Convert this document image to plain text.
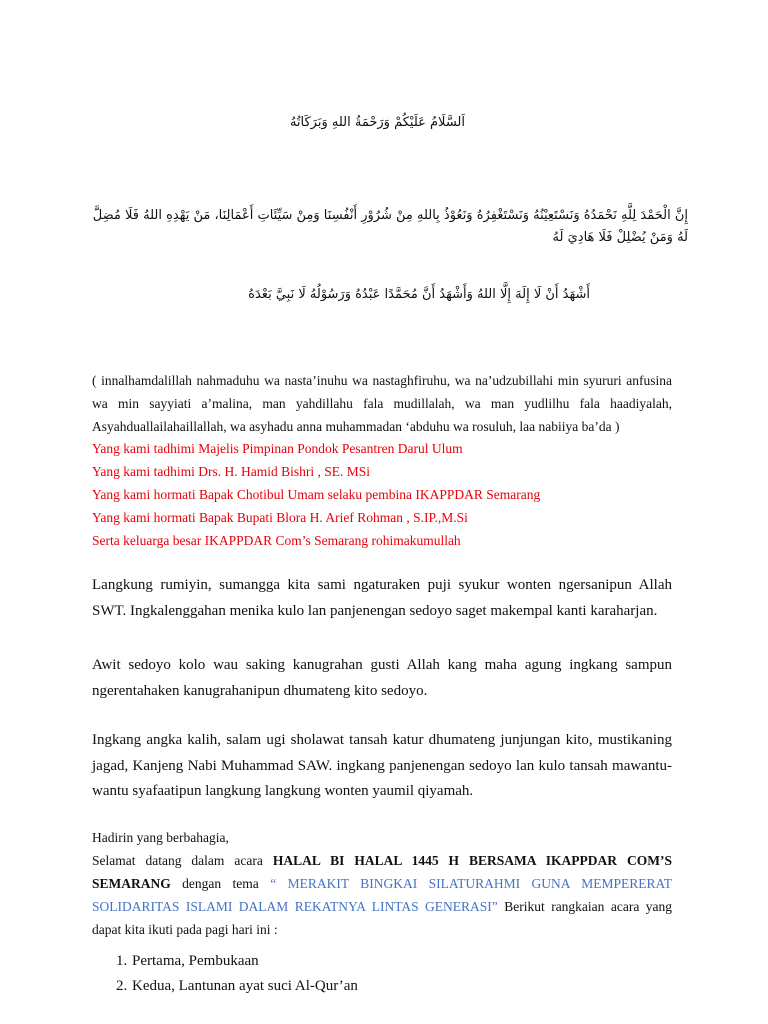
اَلسَّلَامُ عَلَيْكُمْ وَرَحْمَةُ اللهِ وَبَرَكَاتُهُ
إِنَّ الْحَمْدَ لِلَّهِ نَحْمَدُهُ وَنَسْتَعِيْنُهُ وَنَسْتَغْفِرُهُ وَنَعُوْذُ بِاللهِ مِنْ شُرُوْرِ أَنْفُسِنَا وَمِنْ سَيِّئَاتِ أَعْمَالِنَا، مَنْ يَهْدِهِ اللهُ فَلَا مُضِلَّ لَهُ وَمَنْ يُضْلِلْ فَلَا هَادِيَ لَهُ
أَشْهَدُ أَنْ لَا إِلَهَ إِلَّا اللهُ وَأَشْهَدُ أَنَّ مُحَمَّدًا عَبْدُهُ وَرَسُوْلُهُ لَا نَبِيَّ بَعْدَهُ
( innalhamdalillah nahmaduhu wa nasta’inuhu wa nastaghfiruhu, wa na’udzubillahi min syururi anfusina wa min sayyiati a’malina, man yahdillahu fala mudillalah, wa man yudlilhu fala haadiyalah, Asyahduallailahaillallah, wa asyhadu anna muhammadan ‘abduhu wa rosuluh, laa nabiiya ba’da )
Yang kami tadhimi Majelis Pimpinan Pondok Pesantren Darul Ulum
Yang kami tadhimi Drs. H. Hamid Bishri , SE. MSi
Yang kami hormati Bapak Chotibul Umam selaku pembina IKAPPDAR Semarang
Yang kami hormati Bapak Bupati Blora H. Arief Rohman , S.IP.,M.Si
Serta keluarga besar IKAPPDAR Com’s Semarang rohimakumullah
Langkung rumiyin, sumangga kita sami ngaturaken puji syukur wonten ngersanipun Allah SWT. Ingkalenggahan menika kulo lan panjenengan sedoyo saget makempal kanti karaharjan.
Awit sedoyo kolo wau saking kanugrahan gusti Allah kang maha agung ingkang sampun ngerentahaken kanugrahanipun dhumateng kito sedoyo.
Ingkang angka kalih, salam ugi sholawat tansah katur dhumateng junjungan kito, mustikaning jagad, Kanjeng Nabi Muhammad SAW. ingkang panjenengan sedoyo lan kulo tansah mawantu-wantu syafaatipun langkung langkung wonten yaumil qiyamah.
Hadirin yang berbahagia,
Selamat datang dalam acara HALAL BI HALAL 1445 H BERSAMA IKAPPDAR COM’S SEMARANG dengan tema “ MERAKIT BINGKAI SILATURAHMI GUNA MEMPERERAT SOLIDARITAS ISLAMI DALAM REKATNYA LINTAS GENERASI” Berikut rangkaian acara yang dapat kita ikuti pada pagi hari ini :
1. Pertama, Pembukaan
2. Kedua, Lantunan ayat suci Al-Qur’an
